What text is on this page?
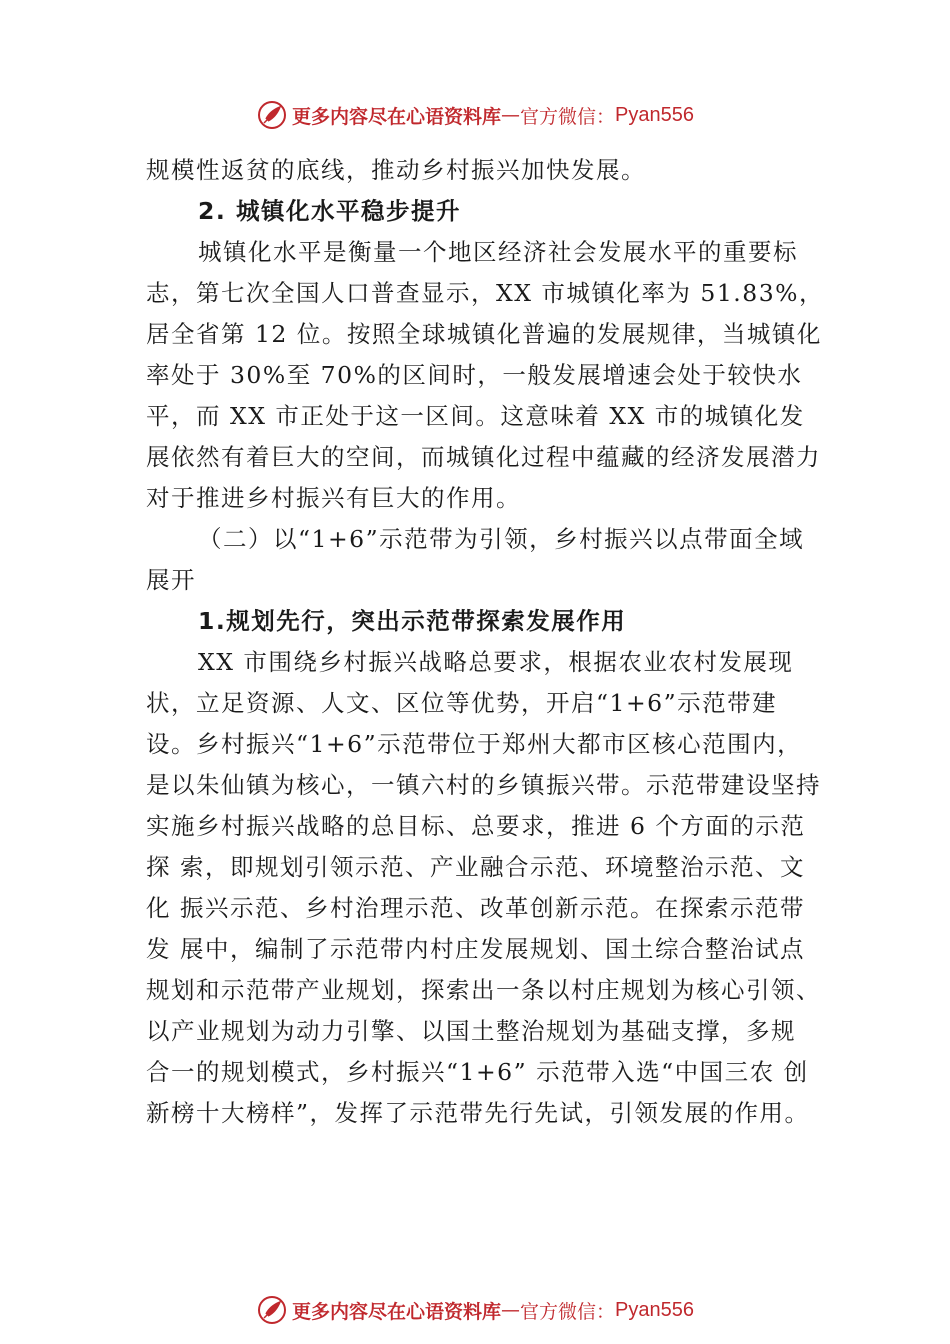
更多内容尽在心语资料库 — 官方微信： Pyan556

规模性返贫的底线，推动乡村振兴加快发展。

2. 城镇化水平稳步提升

城镇化水平是衡量一个地区经济社会发展水平的重要标志，第七次全国人口普查显示，XX 市城镇化率为 51.83%，居全省第 12 位。按照全球城镇化普遍的发展规律，当城镇化率处于 30%至 70%的区间时，一般发展增速会处于较快水平，而 XX 市正处于这一区间。这意味着 XX 市的城镇化发展依然有着巨大的空间，而城镇化过程中蕴藏的经济发展潜力对于推进乡村振兴有巨大的作用。

（二）以“1+6”示范带为引领，乡村振兴以点带面全域展开

1.规划先行，突出示范带探索发展作用

XX 市围绕乡村振兴战略总要求，根据农业农村发展现状，立足资源、人文、区位等优势，开启“1+6”示范带建设。乡村振兴“1+6”示范带位于郑州大都市区核心范围内，是以朱仙镇为核心，一镇六村的乡镇振兴带。示范带建设坚持实施乡村振兴战略的总目标、总要求，推进 6 个方面的示范探 索，即规划引领示范、产业融合示范、环境整治示范、文化 振兴示范、乡村治理示范、改革创新示范。在探索示范带发 展中，编制了示范带内村庄发展规划、国土综合整治试点规划和示范带产业规划，探索出一条以村庄规划为核心引领、以产业规划为动力引擎、以国土整治规划为基础支撑，多规 合一的规划模式，乡村振兴“1+6” 示范带入选“中国三农 创新榜十大榜样”，发挥了示范带先行先试，引领发展的作用。

更多内容尽在心语资料库 — 官方微信： Pyan556
